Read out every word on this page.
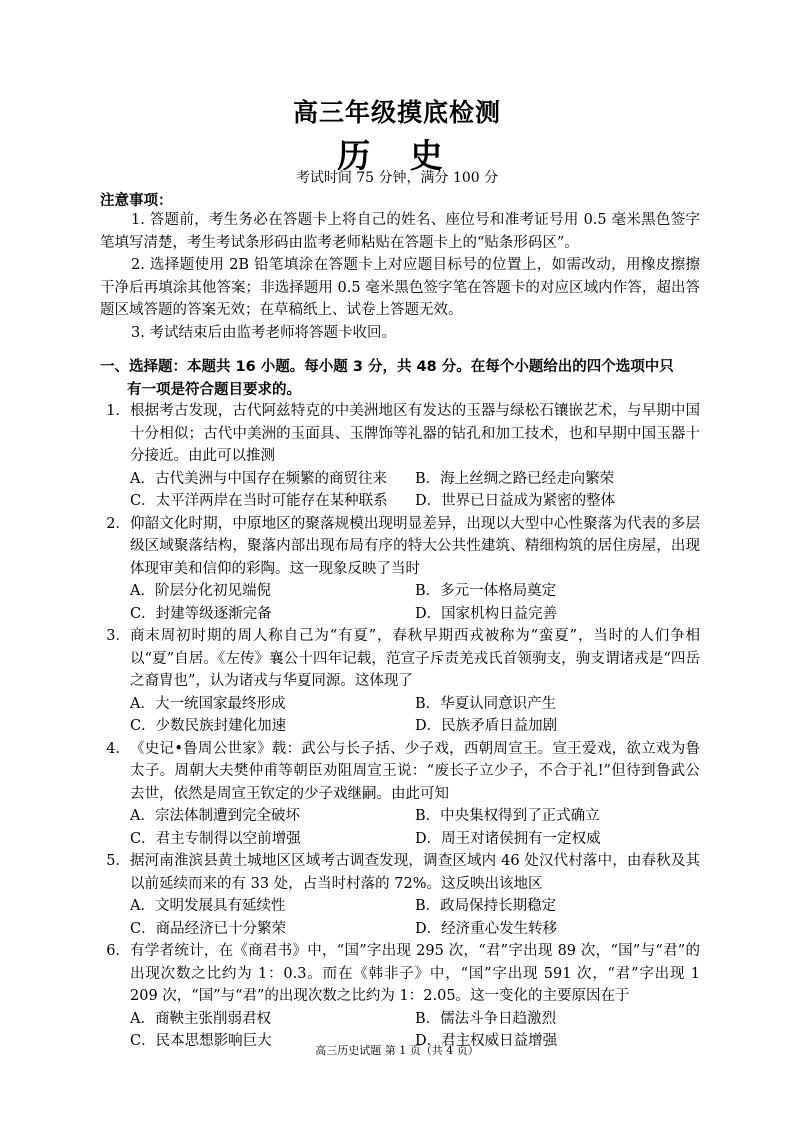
高三年级摸底检测
历 史
考试时间 75 分钟，满分 100 分
注意事项：

1. 答题前，考生务必在答题卡上将自己的姓名、座位号和准考证号用 0.5 毫米黑色签字笔填写清楚，考生考试条形码由监考老师粘贴在答题卡上的“贴条形码区”。

2. 选择题使用 2B 铅笔填涂在答题卡上对应题目标号的位置上，如需改动，用橡皮擦擦干净后再填涂其他答案；非选择题用 0.5 毫米黑色签字笔在答题卡的对应区域内作答，超出答题区域答题的答案无效；在草稿纸上、试卷上答题无效。

3. 考试结束后由监考老师将答题卡收回。

一、选择题：本题共 16 小题。每小题 3 分，共 48 分。在每个小题给出的四个选项中只
有一项是符合题目要求的。
1． 根据考古发现，古代阿兹特克的中美洲地区有发达的玉器与绿松石镶嵌艺术，与早期中国十分相似；古代中美洲的玉面具、玉牌饰等礼器的钻孔和加工技术，也和早期中国玉器十分接近。由此可以推测
A．古代美洲与中国存在频繁的商贸往来	B．海上丝绸之路已经走向繁荣
C．太平洋两岸在当时可能存在某种联系	D．世界已日益成为紧密的整体
2． 仰韶文化时期，中原地区的聚落规模出现明显差异，出现以大型中心性聚落为代表的多层级区域聚落结构，聚落内部出现布局有序的特大公共性建筑、精细构筑的居住房屋，出现体现审美和信仰的彩陶。这一现象反映了当时
A．阶层分化初见端倪	B．多元一体格局奠定
C．封建等级逐渐完备	D．国家机构日益完善
3． 商末周初时期的周人称自己为“有夏”，春秋早期西戎被称为“蛮夏”，当时的人们争相以“夏”自居。《左传》襄公十四年记载，范宣子斥责羌戎氏首领驹支，驹支谓诸戎是“四岳之裔胄也”，认为诸戎与华夏同源。这体现了
A．大一统国家最终形成	B．华夏认同意识产生
C．少数民族封建化加速	D．民族矛盾日益加剧
4． 《史记•鲁周公世家》载：武公与长子括、少子戏，西朝周宣王。宣王爱戏，欲立戏为鲁太子。周朝大夫樊仲甫等朝臣劝阻周宣王说：“废长子立少子，不合于礼!”但待到鲁武公去世，依然是周宣王钦定的少子戏继嗣。由此可知
A．宗法体制遭到完全破坏	B．中央集权得到了正式确立
C．君主专制得以空前增强	D．周王对诸侯拥有一定权威
5． 据河南淮滨县黄土城地区区域考古调查发现，调查区域内 46 处汉代村落中，由春秋及其以前延续而来的有 33 处，占当时村落的 72%。这反映出该地区
A．文明发展具有延续性	B．政局保持长期稳定
C．商品经济已十分繁荣	D．经济重心发生转移
6． 有学者统计，在《商君书》中，“国”字出现 295 次，“君”字出现 89 次，“国”与“君”的出现次数之比约为 1：0.3。而在《韩非子》中，“国”字出现 591 次，“君”字出现 1 209 次，“国”与“君”的出现次数之比约为 1：2.05。这一变化的主要原因在于
A．商鞅主张削弱君权	B．儒法斗争日趋激烈
C．民本思想影响巨大	D．君主权威日益增强
高三历史试题 第 1 页（共 4 页）
